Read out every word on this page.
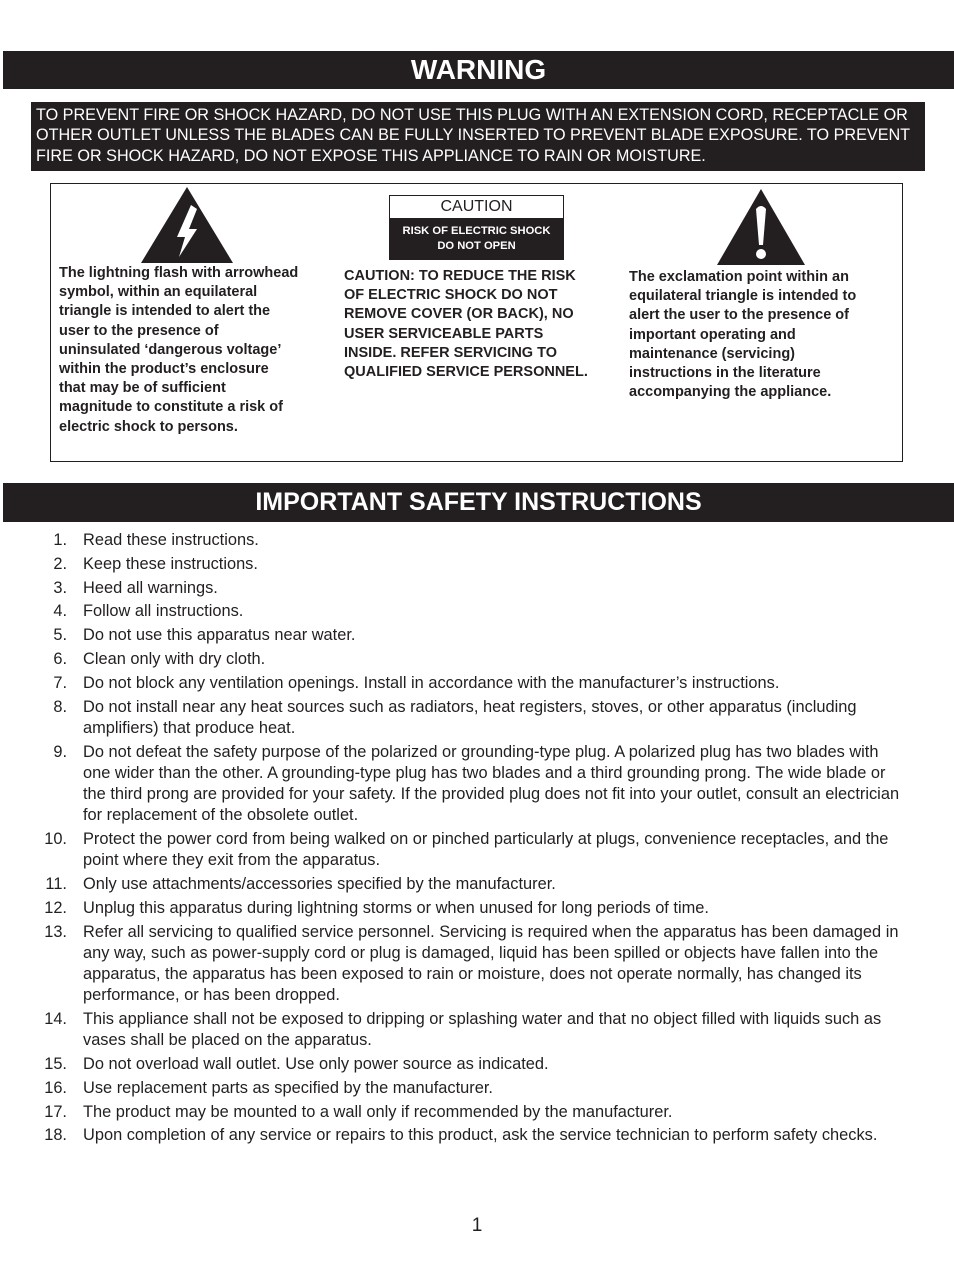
WARNING
TO PREVENT FIRE OR SHOCK HAZARD, DO NOT USE THIS PLUG WITH AN EXTENSION CORD, RECEPTACLE OR OTHER OUTLET UNLESS THE BLADES CAN BE FULLY INSERTED TO PREVENT BLADE EXPOSURE. TO PREVENT FIRE OR SHOCK HAZARD, DO NOT EXPOSE THIS APPLIANCE TO RAIN OR MOISTURE.
CAUTION
RISK OF ELECTRIC SHOCK
DO NOT OPEN
The lightning flash with arrowhead symbol, within an equilateral triangle is intended to alert the user to the presence of uninsulated ‘dangerous voltage’ within the product’s enclosure that may be of sufficient magnitude to constitute a risk of electric shock to persons.
CAUTION: TO REDUCE THE RISK OF ELECTRIC SHOCK DO NOT REMOVE COVER (OR BACK), NO USER SERVICEABLE PARTS INSIDE. REFER SERVICING TO QUALIFIED SERVICE PERSONNEL.
The exclamation point within an equilateral triangle is intended to alert the user to the presence of important operating and maintenance (servicing) instructions in the literature accompanying the appliance.
IMPORTANT SAFETY INSTRUCTIONS
1. Read these instructions.
2. Keep these instructions.
3. Heed all warnings.
4. Follow all instructions.
5. Do not use this apparatus near water.
6. Clean only with dry cloth.
7. Do not block any ventilation openings. Install in accordance with the manufacturer’s instructions.
8. Do not install near any heat sources such as radiators, heat registers, stoves, or other apparatus (including amplifiers) that produce heat.
9. Do not defeat the safety purpose of the polarized or grounding-type plug. A polarized plug has two blades with one wider than the other. A grounding-type plug has two blades and a third grounding prong. The wide blade or the third prong are provided for your safety. If the provided plug does not fit into your outlet, consult an electrician for replacement of the obsolete outlet.
10. Protect the power cord from being walked on or pinched particularly at plugs, convenience receptacles, and the point where they exit from the apparatus.
11. Only use attachments/accessories specified by the manufacturer.
12. Unplug this apparatus during lightning storms or when unused for long periods of time.
13. Refer all servicing to qualified service personnel. Servicing is required when the apparatus has been damaged in any way, such as power-supply cord or plug is damaged, liquid has been spilled or objects have fallen into the apparatus, the apparatus has been exposed to rain or moisture, does not operate normally, has changed its performance, or has been dropped.
14. This appliance shall not be exposed to dripping or splashing water and that no object filled with liquids such as vases shall be placed on the apparatus.
15. Do not overload wall outlet. Use only power source as indicated.
16. Use replacement parts as specified by the manufacturer.
17. The product may be mounted to a wall only if recommended by the manufacturer.
18. Upon completion of any service or repairs to this product, ask the service technician to perform safety checks.
1
